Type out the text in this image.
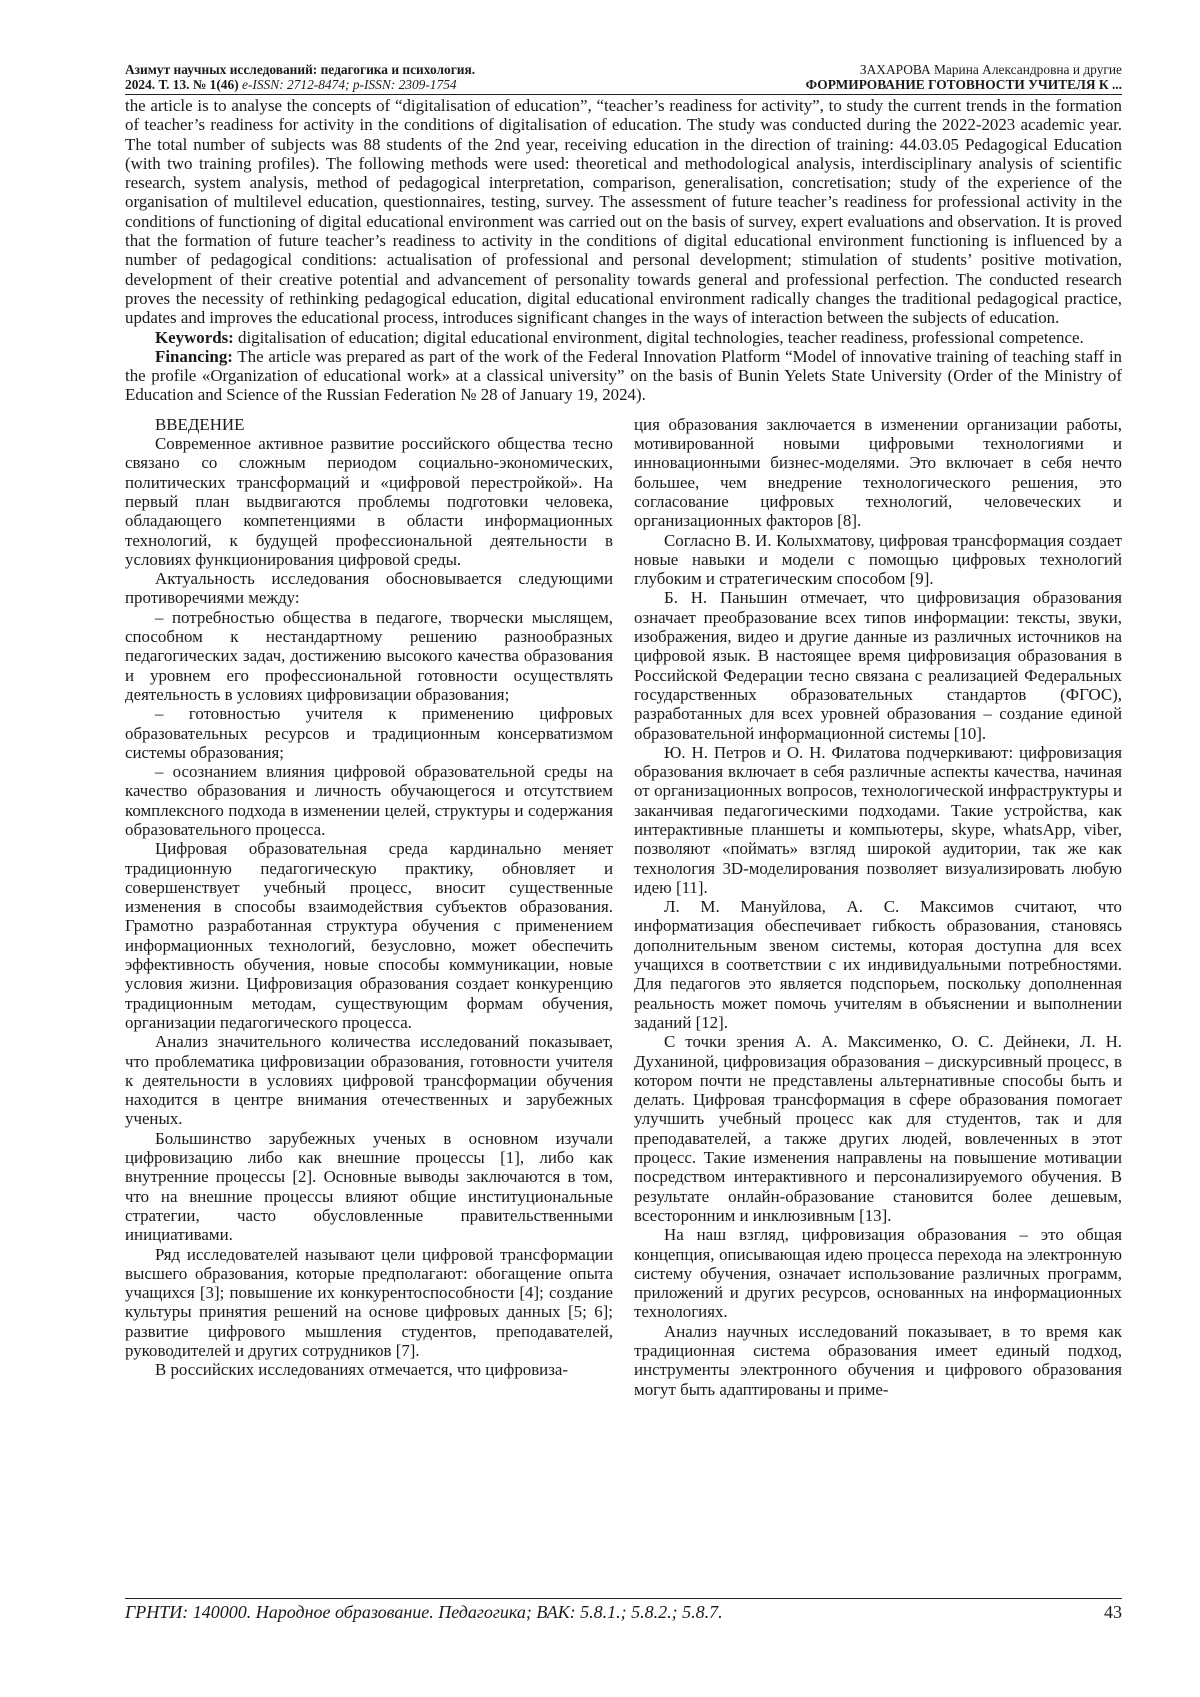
Азимут научных исследований: педагогика и психология.
2024. Т. 13. № 1(46) e-ISSN: 2712-8474; p-ISSN: 2309-1754
ЗАХАРОВА Марина Александровна и другие
ФОРМИРОВАНИЕ ГОТОВНОСТИ УЧИТЕЛЯ К ...

the article is to analyse the concepts of “digitalisation of education”, “teacher’s readiness for activity”, to study the current trends in the formation of teacher’s readiness for activity in the conditions of digitalisation of education. The study was conducted during the 2022-2023 academic year. The total number of subjects was 88 students of the 2nd year, receiving education in the direction of training: 44.03.05 Pedagogical Education (with two training profiles). The following methods were used: theoretical and methodological analysis, interdisciplinary analysis of scientific research, system analysis, method of pedagogical interpretation, comparison, generalisation, concretisation; study of the experience of the organisation of multilevel education, questionnaires, testing, survey. The assessment of future teacher’s readiness for professional activity in the conditions of functioning of digital educational environment was carried out on the basis of survey, expert evaluations and observation. It is proved that the formation of future teacher’s readiness to activity in the conditions of digital educational environment functioning is influenced by a number of pedagogical conditions: actualisation of professional and personal development; stimulation of students’ positive motivation, development of their creative potential and advancement of personality towards general and professional perfection. The conducted research proves the necessity of rethinking pedagogical education, digital educational environment radically changes the traditional pedagogical practice, updates and improves the educational process, introduces significant changes in the ways of interaction between the subjects of education.

Keywords: digitalisation of education; digital educational environment, digital technologies, teacher readiness, professional competence.

Financing: The article was prepared as part of the work of the Federal Innovation Platform “Model of innovative training of teaching staff in the profile «Organization of educational work» at a classical university” on the basis of Bunin Yelets State University (Order of the Ministry of Education and Science of the Russian Federation № 28 of January 19, 2024).

ВВЕДЕНИЕ

Современное активное развитие российского общества тесно связано со сложным периодом социально-экономических, политических трансформаций и «цифровой перестройкой». На первый план выдвигаются проблемы подготовки человека, обладающего компетенциями в области информационных технологий, к будущей профессиональной деятельности в условиях функционирования цифровой среды.

Актуальность исследования обосновывается следующими противоречиями между:

– потребностью общества в педагоге, творчески мыслящем, способном к нестандартному решению разнообразных педагогических задач, достижению высокого качества образования и уровнем его профессиональной готовности осуществлять деятельность в условиях цифровизации образования;

– готовностью учителя к применению цифровых образовательных ресурсов и традиционным консерватизмом системы образования;

– осознанием влияния цифровой образовательной среды на качество образования и личность обучающегося и отсутствием комплексного подхода в изменении целей, структуры и содержания образовательного процесса.

Цифровая образовательная среда кардинально меняет традиционную педагогическую практику, обновляет и совершенствует учебный процесс, вносит существенные изменения в способы взаимодействия субъектов образования. Грамотно разработанная структура обучения с применением информационных технологий, безусловно, может обеспечить эффективность обучения, новые способы коммуникации, новые условия жизни. Цифровизация образования создает конкуренцию традиционным методам, существующим формам обучения, организации педагогического процесса.

Анализ значительного количества исследований показывает, что проблематика цифровизации образования, готовности учителя к деятельности в условиях цифровой трансформации обучения находится в центре внимания отечественных и зарубежных ученых.

Большинство зарубежных ученых в основном изучали цифровизацию либо как внешние процессы [1], либо как внутренние процессы [2]. Основные выводы заключаются в том, что на внешние процессы влияют общие институциональные стратегии, часто обусловленные правительственными инициативами.

Ряд исследователей называют цели цифровой трансформации высшего образования, которые предполагают: обогащение опыта учащихся [3]; повышение их конкурентоспособности [4]; создание культуры принятия решений на основе цифровых данных [5; 6]; развитие цифрового мышления студентов, преподавателей, руководителей и других сотрудников [7].

В российских исследованиях отмечается, что цифровиза-

ция образования заключается в изменении организации работы, мотивированной новыми цифровыми технологиями и инновационными бизнес-моделями. Это включает в себя нечто большее, чем внедрение технологического решения, это согласование цифровых технологий, человеческих и организационных факторов [8].

Согласно В. И. Колыхматову, цифровая трансформация создает новые навыки и модели с помощью цифровых технологий глубоким и стратегическим способом [9].

Б. Н. Паньшин отмечает, что цифровизация образования означает преобразование всех типов информации: тексты, звуки, изображения, видео и другие данные из различных источников на цифровой язык. В настоящее время цифровизация образования в Российской Федерации тесно связана с реализацией Федеральных государственных образовательных стандартов (ФГОС), разработанных для всех уровней образования – создание единой образовательной информационной системы [10].

Ю. Н. Петров и О. Н. Филатова подчеркивают: цифровизация образования включает в себя различные аспекты качества, начиная от организационных вопросов, технологической инфраструктуры и заканчивая педагогическими подходами. Такие устройства, как интерактивные планшеты и компьютеры, skype, whatsApp, viber, позволяют «поймать» взгляд широкой аудитории, так же как технология 3D-моделирования позволяет визуализировать любую идею [11].

Л. М. Мануйлова, А. С. Максимов считают, что информатизация обеспечивает гибкость образования, становясь дополнительным звеном системы, которая доступна для всех учащихся в соответствии с их индивидуальными потребностями. Для педагогов это является подспорьем, поскольку дополненная реальность может помочь учителям в объяснении и выполнении заданий [12].

С точки зрения А. А. Максименко, О. С. Дейнеки, Л. Н. Духаниной, цифровизация образования – дискурсивный процесс, в котором почти не представлены альтернативные способы быть и делать. Цифровая трансформация в сфере образования помогает улучшить учебный процесс как для студентов, так и для преподавателей, а также других людей, вовлеченных в этот процесс. Такие изменения направлены на повышение мотивации посредством интерактивного и персонализируемого обучения. В результате онлайн-образование становится более дешевым, всесторонним и инклюзивным [13].

На наш взгляд, цифровизация образования – это общая концепция, описывающая идею процесса перехода на электронную систему обучения, означает использование различных программ, приложений и других ресурсов, основанных на информационных технологиях.

Анализ научных исследований показывает, в то время как традиционная система образования имеет единый подход, инструменты электронного обучения и цифрового образования могут быть адаптированы и приме-

ГРНТИ: 140000. Народное образование. Педагогика; ВАК: 5.8.1.; 5.8.2.; 5.8.7.	43
